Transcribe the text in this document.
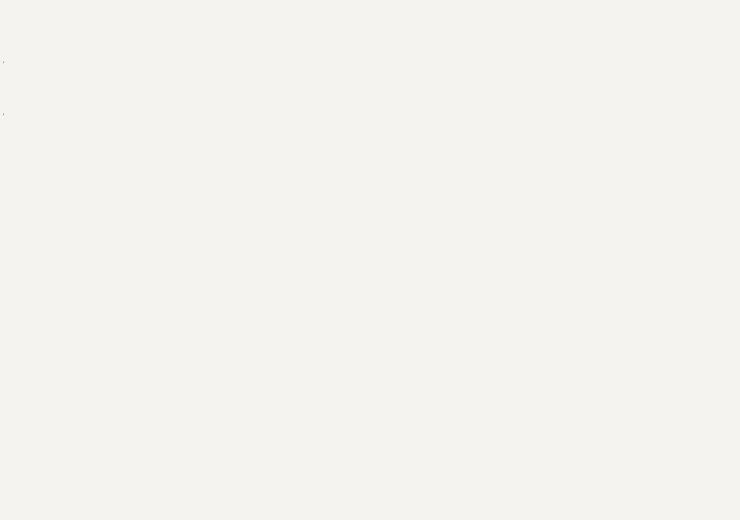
'
'
